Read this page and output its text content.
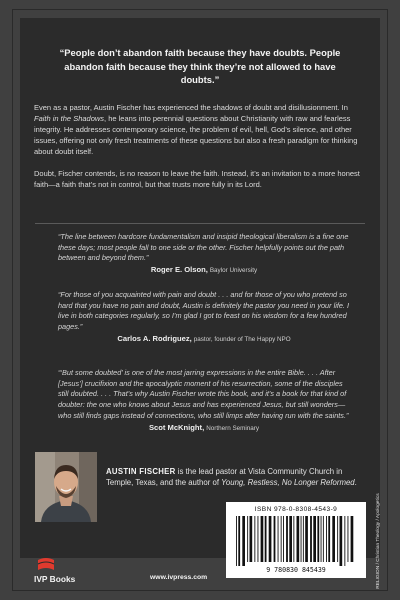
“People don’t abandon faith because they have doubts. People abandon faith because they think they’re not allowed to have doubts.”

Even as a pastor, Austin Fischer has experienced the shadows of doubt and disillusionment. In Faith in the Shadows, he leans into perennial questions about Christianity with raw and fearless integrity. He addresses contemporary science, the problem of evil, hell, God’s silence, and other issues, offering not only fresh treatments of these questions but also a fresh paradigm for thinking about doubt itself.

Doubt, Fischer contends, is no reason to leave the faith. Instead, it’s an invitation to a more honest faith—a faith that’s not in control, but that trusts more fully in its Lord.

“The line between hardcore fundamentalism and insipid theological liberalism is a fine one these days; most people fall to one side or the other. Fischer helpfully points out the path between and beyond them.”
Roger E. Olson, Baylor University
“For those of you acquainted with pain and doubt . . . and for those of you who pretend so hard that you have no pain and doubt, Austin is definitely the pastor you need in your life. I live in both categories regularly, so I’m glad I got to feast on his wisdom for a few hundred pages.”
Carlos A. Rodriguez, pastor, founder of The Happy NPO
“‘But some doubted’ is one of the most jarring expressions in the entire Bible. . . . After [Jesus’] crucifixion and the apocalyptic moment of his resurrection, some of the disciples still doubted. . . . That’s why Austin Fischer wrote this book, and it’s a book for that kind of doubter: the one who knows about Jesus and has experienced Jesus, but still wonders—who still finds gaps instead of connections, who still limps after having run with the saints.”
Scot McKnight, Northern Seminary
AUSTIN FISCHER is the lead pastor at Vista Community Church in Temple, Texas, and the author of Young, Restless, No Longer Reformed.
ISBN 978-0-8308-4543-9
9 780830 845439	RELIGION / Christian Theology / Apologetics
IVP Books	www.ivpress.com
